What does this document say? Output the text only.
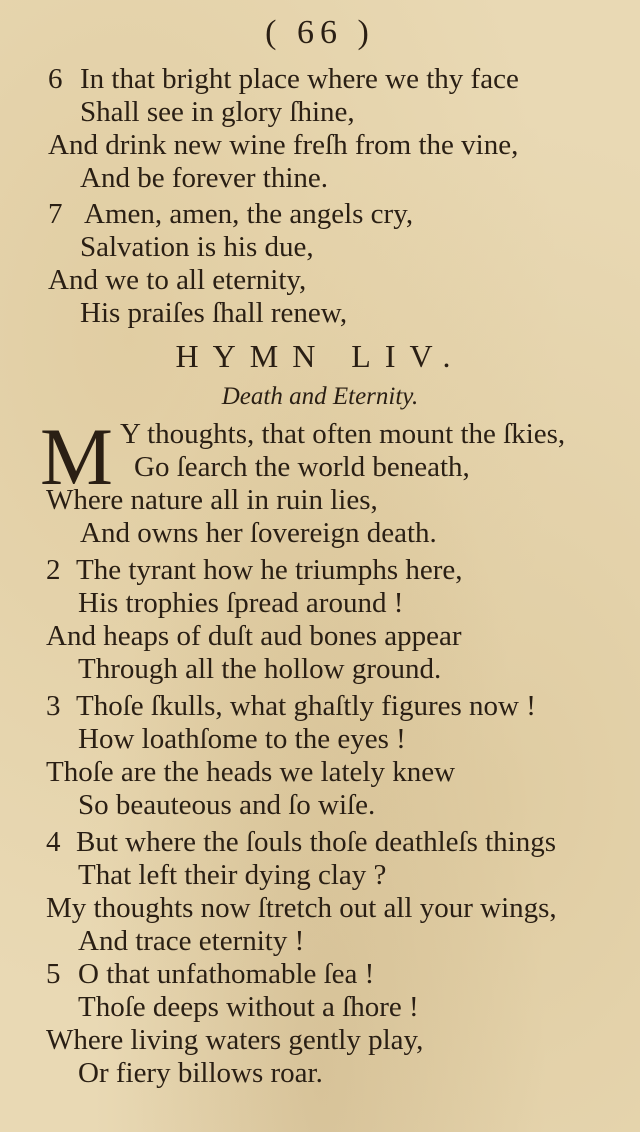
( 66 )
6 In that bright place where we thy face
Shall see in glory ſhine,
And drink new wine freſh from the vine,
And be forever thine.
7 Amen, amen, the angels cry,
Salvation is his due,
And we to all eternity,
His praiſes ſhall renew,
HYMN LIV.
Death and Eternity.
M Y thoughts, that often mount the ſkies,
Go ſearch the world beneath,
Where nature all in ruin lies,
And owns her ſovereign death.
2 The tyrant how he triumphs here,
His trophies ſpread around !
And heaps of duſt aud bones appear
Through all the hollow ground.
3 Thoſe ſkulls, what ghaſtly figures now !
How loathſome to the eyes !
Thoſe are the heads we lately knew
So beauteous and ſo wiſe.
4 But where the ſouls thoſe deathleſs things
That left their dying clay ?
My thoughts now ſtretch out all your wings,
And trace eternity !
5 O that unfathomable ſea !
Thoſe deeps without a ſhore !
Where living waters gently play,
Or fiery billows roar.
